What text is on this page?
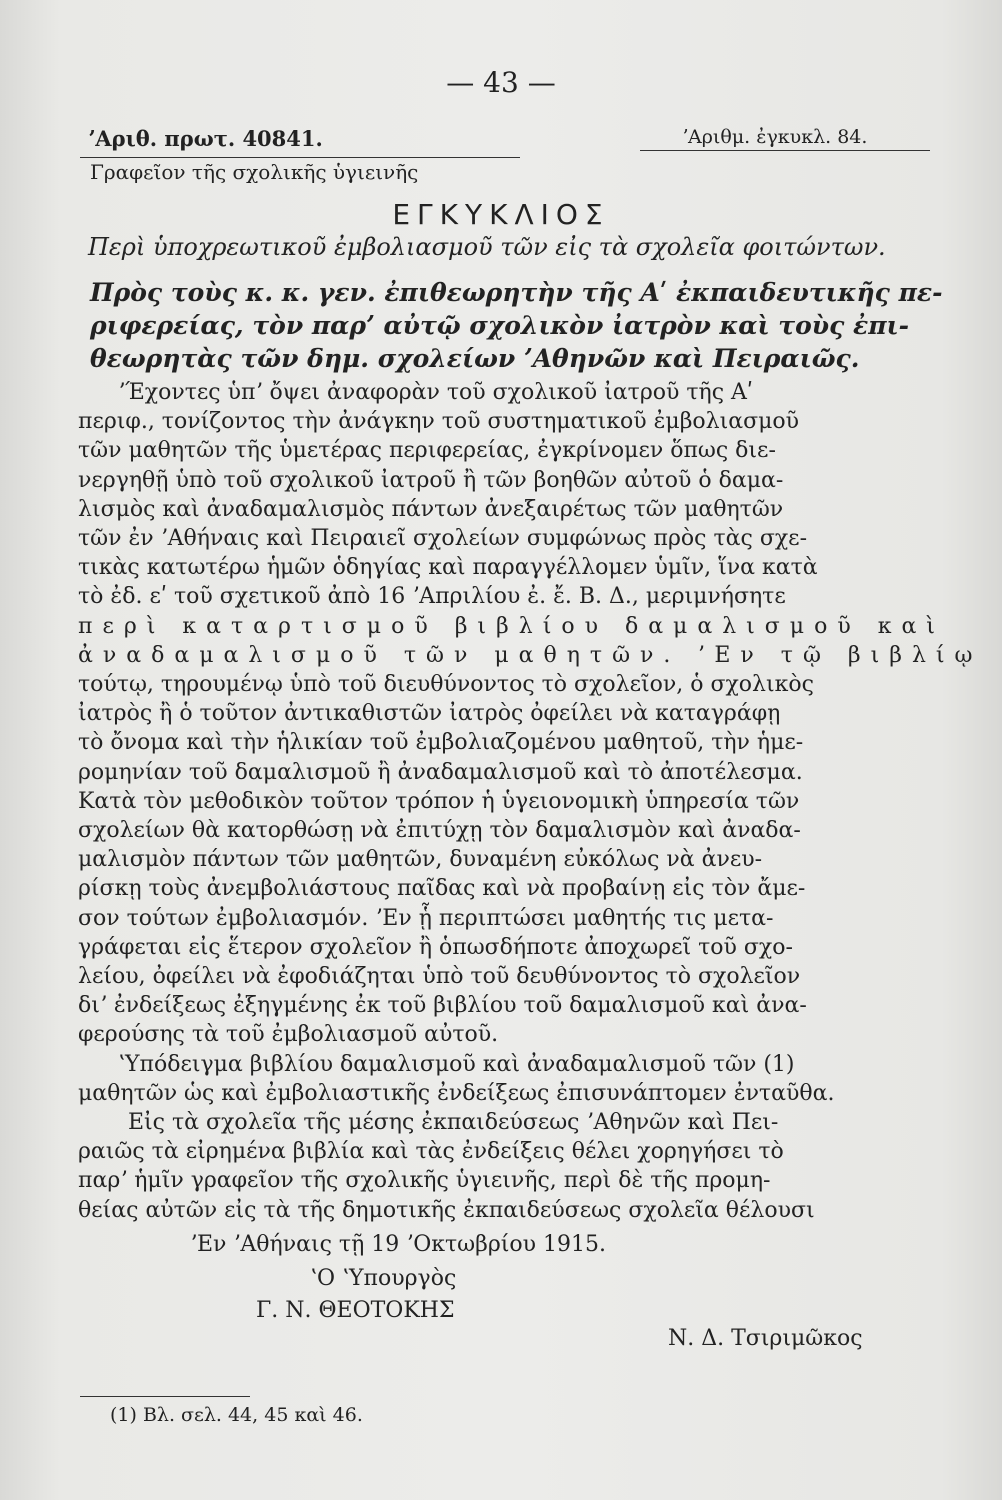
— 43 —
ʼΑριθ. πρωτ. 40841.	ʼΑριθμ. ἐγκυκλ. 84.
Γραφεῖον τῆς σχολικῆς ὑγιεινῆς
ΕΓΚΥΚΛΙΟΣ
Περὶ ὑποχρεωτικοῦ ἐμβολιασμοῦ τῶν εἰς τὰ σχολεῖα φοιτώντων.
Πρὸς τοὺς κ. κ. γεν. ἐπιθεωρητὴν τῆς Αʹ ἐκπαιδευτικῆς πε-
ριφερείας, τὸν παρʼ αὐτῷ σχολικὸν ἰατρὸν καὶ τοὺς ἐπι-
θεωρητὰς τῶν δημ. σχολείων ʼΑθηνῶν καὶ Πειραιῶς.
ʼΈχοντες ὑπʼ ὄψει ἀναφορὰν τοῦ σχολικοῦ ἰατροῦ τῆς Αʹ
περιφ., τονίζοντος τὴν ἀνάγκην τοῦ συστηματικοῦ ἐμβολιασμοῦ
τῶν μαθητῶν τῆς ὑμετέρας περιφερείας, ἐγκρίνομεν ὅπως διε-
νεργηθῇ ὑπὸ τοῦ σχολικοῦ ἰατροῦ ἢ τῶν βοηθῶν αὐτοῦ ὁ δαμα-
λισμὸς καὶ ἀναδαμαλισμὸς πάντων ἀνεξαιρέτως τῶν μαθητῶν
τῶν ἐν ʼΑθήναις καὶ Πειραιεῖ σχολείων συμφώνως πρὸς τὰς σχε-
τικὰς κατωτέρω ἡμῶν ὁδηγίας καὶ παραγγέλλομεν ὑμῖν, ἵνα κατὰ
τὸ ἐδ. εʹ τοῦ σχετικοῦ ἀπὸ 16 ʼΑπριλίου ἐ. ἔ. Β. Δ., μεριμνήσητε
περὶ καταρτισμοῦ βιβλίου δαμαλισμοῦ καὶ
ἀναδαμαλισμοῦ τῶν μαθητῶν. ʼΕν τῷ βιβλίῳ
τούτῳ, τηρουμένῳ ὑπὸ τοῦ διευθύνοντος τὸ σχολεῖον, ὁ σχολικὸς
ἰατρὸς ἢ ὁ τοῦτον ἀντικαθιστῶν ἰατρὸς ὀφείλει νὰ καταγράφῃ
τὸ ὄνομα καὶ τὴν ἡλικίαν τοῦ ἐμβολιαζομένου μαθητοῦ, τὴν ἡμε-
ρομηνίαν τοῦ δαμαλισμοῦ ἢ ἀναδαμαλισμοῦ καὶ τὸ ἀποτέλεσμα.
Κατὰ τὸν μεθοδικὸν τοῦτον τρόπον ἡ ὑγειονομικὴ ὑπηρεσία τῶν
σχολείων θὰ κατορθώσῃ νὰ ἐπιτύχῃ τὸν δαμαλισμὸν καὶ ἀναδα-
μαλισμὸν πάντων τῶν μαθητῶν, δυναμένη εὐκόλως νὰ ἀνευ-
ρίσκῃ τοὺς ἀνεμβολιάστους παῖδας καὶ νὰ προβαίνῃ εἰς τὸν ἄμε-
σον τούτων ἐμβολιασμόν. ʼΕν ᾗ περιπτώσει μαθητής τις μετα-
γράφεται εἰς ἕτερον σχολεῖον ἢ ὁπωσδήποτε ἀποχωρεῖ τοῦ σχο-
λείου, ὀφείλει νὰ ἐφοδιάζηται ὑπὸ τοῦ δευθύνοντος τὸ σχολεῖον
διʼ ἐνδείξεως ἐξηγμένης ἐκ τοῦ βιβλίου τοῦ δαμαλισμοῦ καὶ ἀνα-
φερούσης τὰ τοῦ ἐμβολιασμοῦ αὐτοῦ.
ʽΥπόδειγμα βιβλίου δαμαλισμοῦ καὶ ἀναδαμαλισμοῦ τῶν (1)
μαθητῶν ὡς καὶ ἐμβολιαστικῆς ἐνδείξεως ἐπισυνάπτομεν ἐνταῦθα.
Εἰς τὰ σχολεῖα τῆς μέσης ἐκπαιδεύσεως ʼΑθηνῶν καὶ Πει-
ραιῶς τὰ εἰρημένα βιβλία καὶ τὰς ἐνδείξεις θέλει χορηγήσει τὸ
παρʼ ἡμῖν γραφεῖον τῆς σχολικῆς ὑγιεινῆς, περὶ δὲ τῆς προμη-
θείας αὐτῶν εἰς τὰ τῆς δημοτικῆς ἐκπαιδεύσεως σχολεῖα θέλουσι
(1) Βλ. σελ. 44, 45 καὶ 46.
ʼΕν ʼΑθήναις τῇ 19 ʼΟκτωβρίου 1915.
ʽΟ ʽΥπουργὸς
Γ. Ν. ΘΕΟΤΟΚΗΣ
Ν. Δ. Τσιριμῶκος
